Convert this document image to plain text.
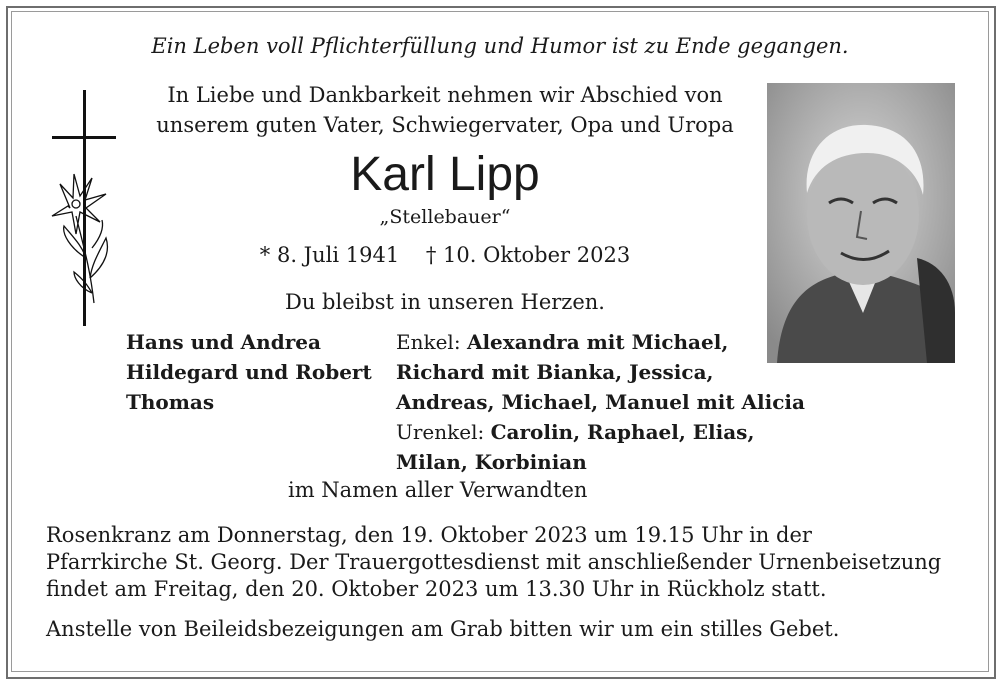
Ein Leben voll Pflichterfüllung und Humor ist zu Ende gegangen.
In Liebe und Dankbarkeit nehmen wir Abschied von
unserem guten Vater, Schwiegervater, Opa und Uropa
Karl Lipp
„Stellebauer“
* 8. Juli 1941 † 10. Oktober 2023
Du bleibst in unseren Herzen.
Hans und Andrea
Hildegard und Robert
Thomas
Enkel: Alexandra mit Michael,
Richard mit Bianka, Jessica,
Andreas, Michael, Manuel mit Alicia
Urenkel: Carolin, Raphael, Elias,
Milan, Korbinian
im Namen aller Verwandten
Rosenkranz am Donnerstag, den 19. Oktober 2023 um 19.15 Uhr in der
Pfarrkirche St. Georg. Der Trauergottesdienst mit anschließender Urnenbeisetzung
findet am Freitag, den 20. Oktober 2023 um 13.30 Uhr in Rückholz statt.
Anstelle von Beileidsbezeigungen am Grab bitten wir um ein stilles Gebet.
